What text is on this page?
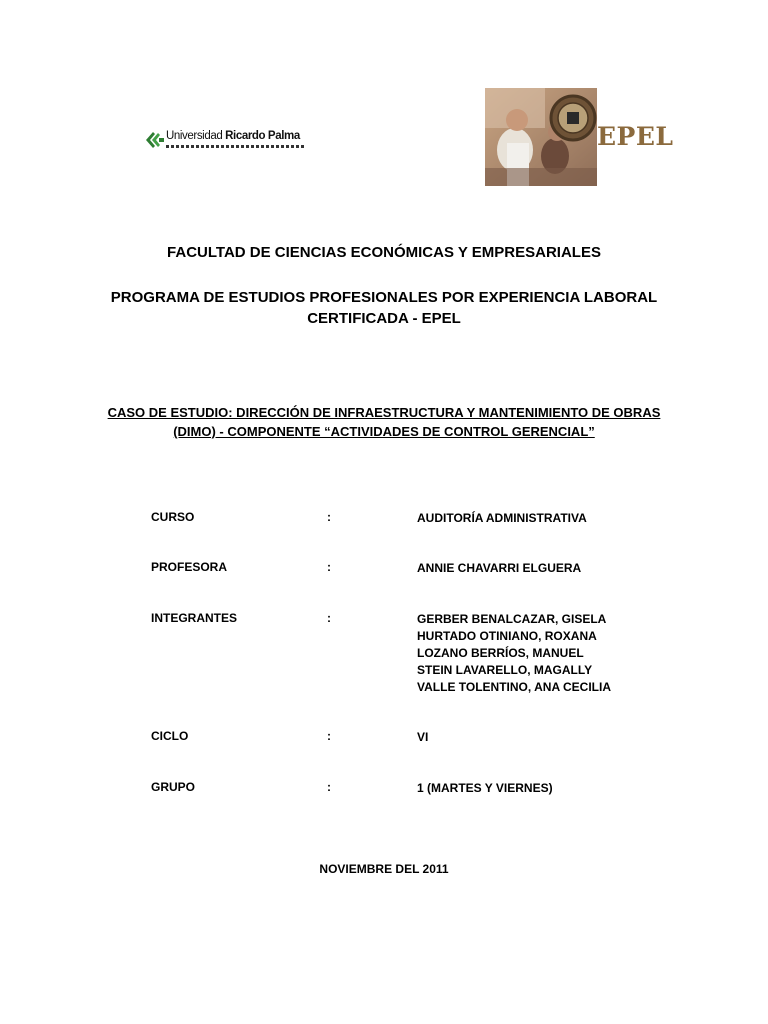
Universidad Ricardo Palma	EPEL
FACULTAD DE CIENCIAS ECONÓMICAS Y EMPRESARIALES
PROGRAMA DE ESTUDIOS PROFESIONALES POR EXPERIENCIA LABORAL CERTIFICADA - EPEL
CASO DE ESTUDIO: DIRECCIÓN DE INFRAESTRUCTURA Y MANTENIMIENTO DE OBRAS (DIMO) - COMPONENTE “ACTIVIDADES DE CONTROL GERENCIAL”
CURSO	:	AUDITORÍA ADMINISTRATIVA
PROFESORA	:	ANNIE CHAVARRI ELGUERA
INTEGRANTES	:	GERBER BENALCAZAR, GISELA
HURTADO OTINIANO, ROXANA
LOZANO BERRÍOS, MANUEL
STEIN LAVARELLO, MAGALLY
VALLE TOLENTINO, ANA CECILIA
CICLO	:	VI
GRUPO	:	1 (MARTES Y VIERNES)
NOVIEMBRE DEL 2011
